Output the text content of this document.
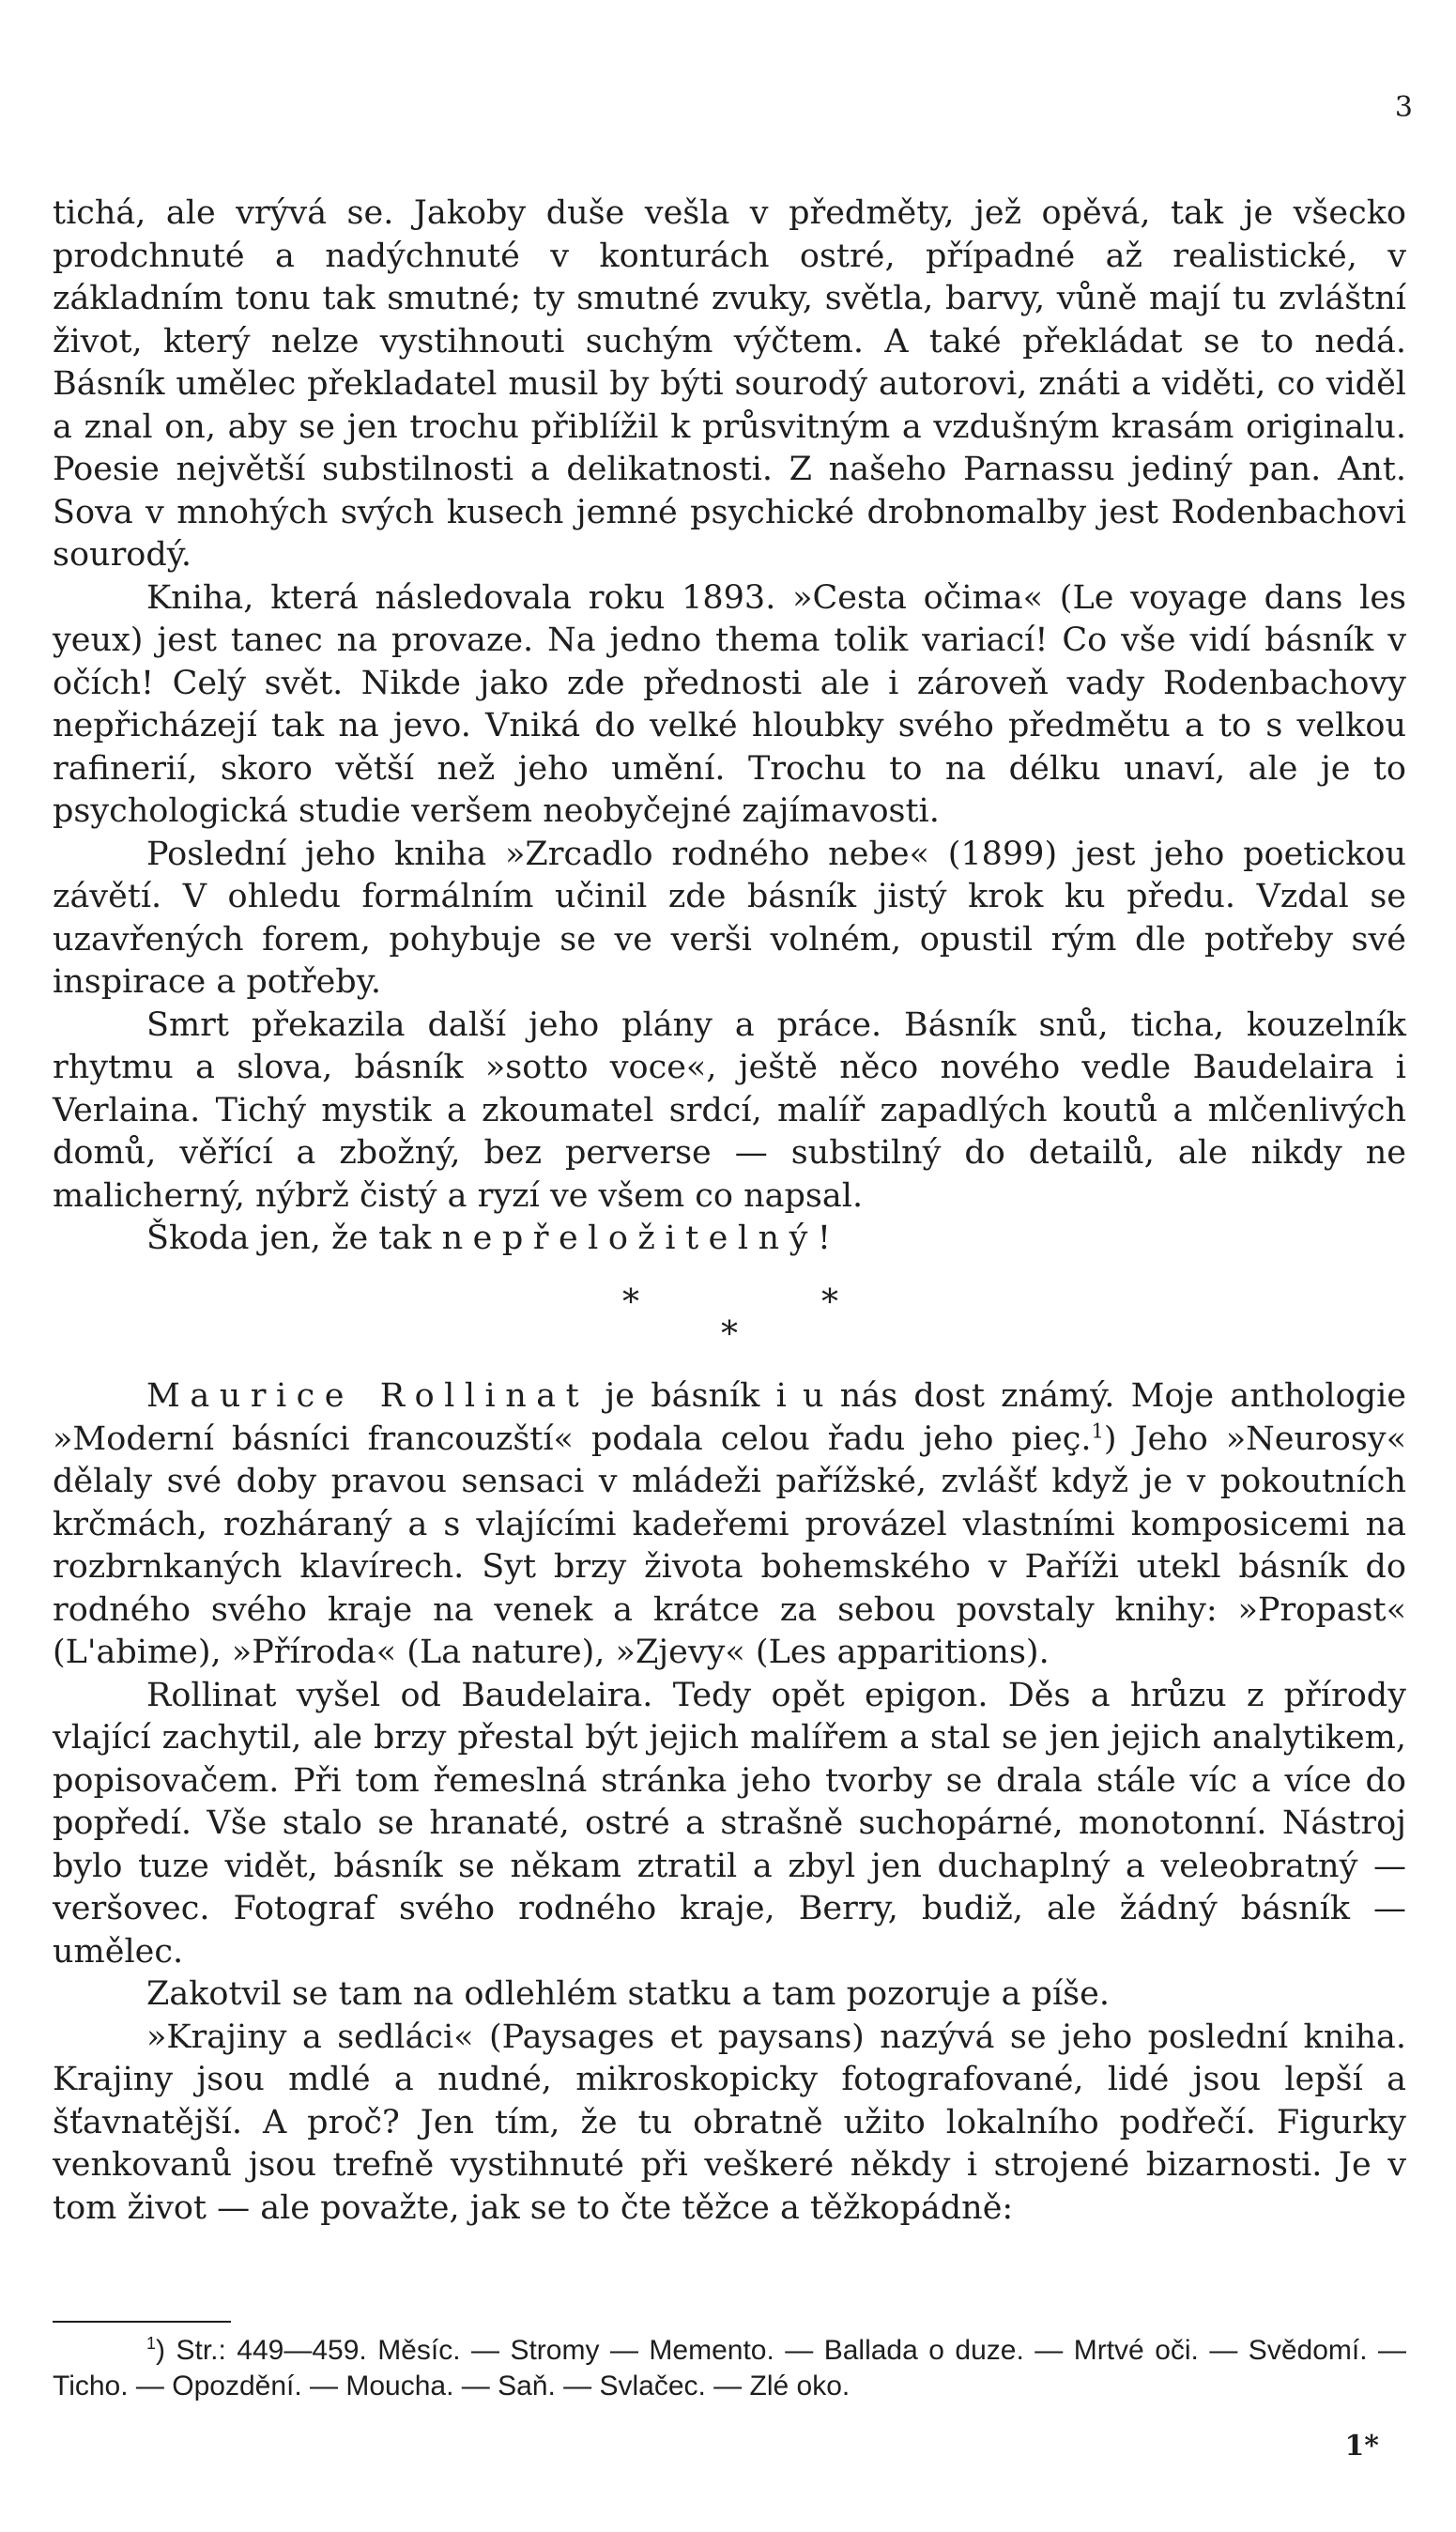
3

tichá, ale vrývá se. Jakoby duše vešla v předměty, jež opěvá, tak je všecko prodchnuté a nadýchnuté v konturách ostré, případné až realistické, v základním tonu tak smutné; ty smutné zvuky, světla, barvy, vůně mají tu zvláštní život, který nelze vystihnouti suchým výčtem. A také překládat se to nedá. Básník umělec překladatel musil by býti sourodý autorovi, znáti a viděti, co viděl a znal on, aby se jen trochu přiblížil k průsvitným a vzdušným krasám originalu. Poesie největší substilnosti a delikatnosti. Z našeho Parnassu jediný pan. Ant. Sova v mnohých svých kusech jemné psychické drobnomalby jest Rodenbachovi sourodý.

Kniha, která následovala roku 1893. »Cesta očima« (Le voyage dans les yeux) jest tanec na provaze. Na jedno thema tolik variací! Co vše vidí básník v očích! Celý svět. Nikde jako zde přednosti ale i zároveň vady Rodenbachovy nepřicházejí tak na jevo. Vniká do velké hloubky svého předmětu a to s velkou rafinerií, skoro větší než jeho umění. Trochu to na délku unaví, ale je to psychologická studie veršem neobyčejné zajímavosti.

Poslední jeho kniha »Zrcadlo rodného nebe« (1899) jest jeho poetickou závětí. V ohledu formálním učinil zde básník jistý krok ku předu. Vzdal se uzavřených forem, pohybuje se ve verši volném, opustil rým dle potřeby své inspirace a potřeby.

Smrt překazila další jeho plány a práce. Básník snů, ticha, kouzelník rhytmu a slova, básník »sotto voce«, ještě něco nového vedle Baudelaira i Verlaina. Tichý mystik a zkoumatel srdcí, malíř zapadlých koutů a mlčenlivých domů, věřící a zbožný, bez perverse — substilný do detailů, ale nikdy ne malicherný, nýbrž čistý a ryzí ve všem co napsal.

Škoda jen, že tak nepřeložitelný!

*	*
*

Maurice Rollinat je básník i u nás dost známý. Moje anthologie »Moderní básníci francouzští« podala celou řadu jeho pieç.$^1$) Jeho »Neurosy« dělaly své doby pravou sensaci v mládeži pařížské, zvlášť když je v pokoutních krčmách, rozháraný a s vlajícími kadeřemi provázel vlastními komposicemi na rozbrnkaných klavírech. Syt brzy života bohemského v Paříži utekl básník do rodného svého kraje na venek a krátce za sebou povstaly knihy: »Propast« (L'abime), »Příroda« (La nature), »Zjevy« (Les apparitions).

Rollinat vyšel od Baudelaira. Tedy opět epigon. Děs a hrůzu z přírody vlající zachytil, ale brzy přestal být jejich malířem a stal se jen jejich analytikem, popisovačem. Při tom řemeslná stránka jeho tvorby se drala stále víc a více do popředí. Vše stalo se hranaté, ostré a strašně suchopárné, monotonní. Nástroj bylo tuze vidět, básník se někam ztratil a zbyl jen duchaplný a veleobratný — veršovec. Fotograf svého rodného kraje, Berry, budiž, ale žádný básník — umělec.

Zakotvil se tam na odlehlém statku a tam pozoruje a píše.

»Krajiny a sedláci« (Paysages et paysans) nazývá se jeho poslední kniha. Krajiny jsou mdlé a nudné, mikroskopicky fotografované, lidé jsou lepší a šťavnatější. A proč? Jen tím, že tu obratně užito lokalního podřečí. Figurky venkovanů jsou trefně vystihnuté při veškeré někdy i strojené bizarnosti. Je v tom život — ale považte, jak se to čte těžce a těžkopádně:

$^1$) Str.: 449—459. Měsíc. — Stromy — Memento. — Ballada o duze. — Mrtvé oči. — Svědomí. — Ticho. — Opozdění. — Moucha. — Saň. — Svlačec. — Zlé oko.

1*
